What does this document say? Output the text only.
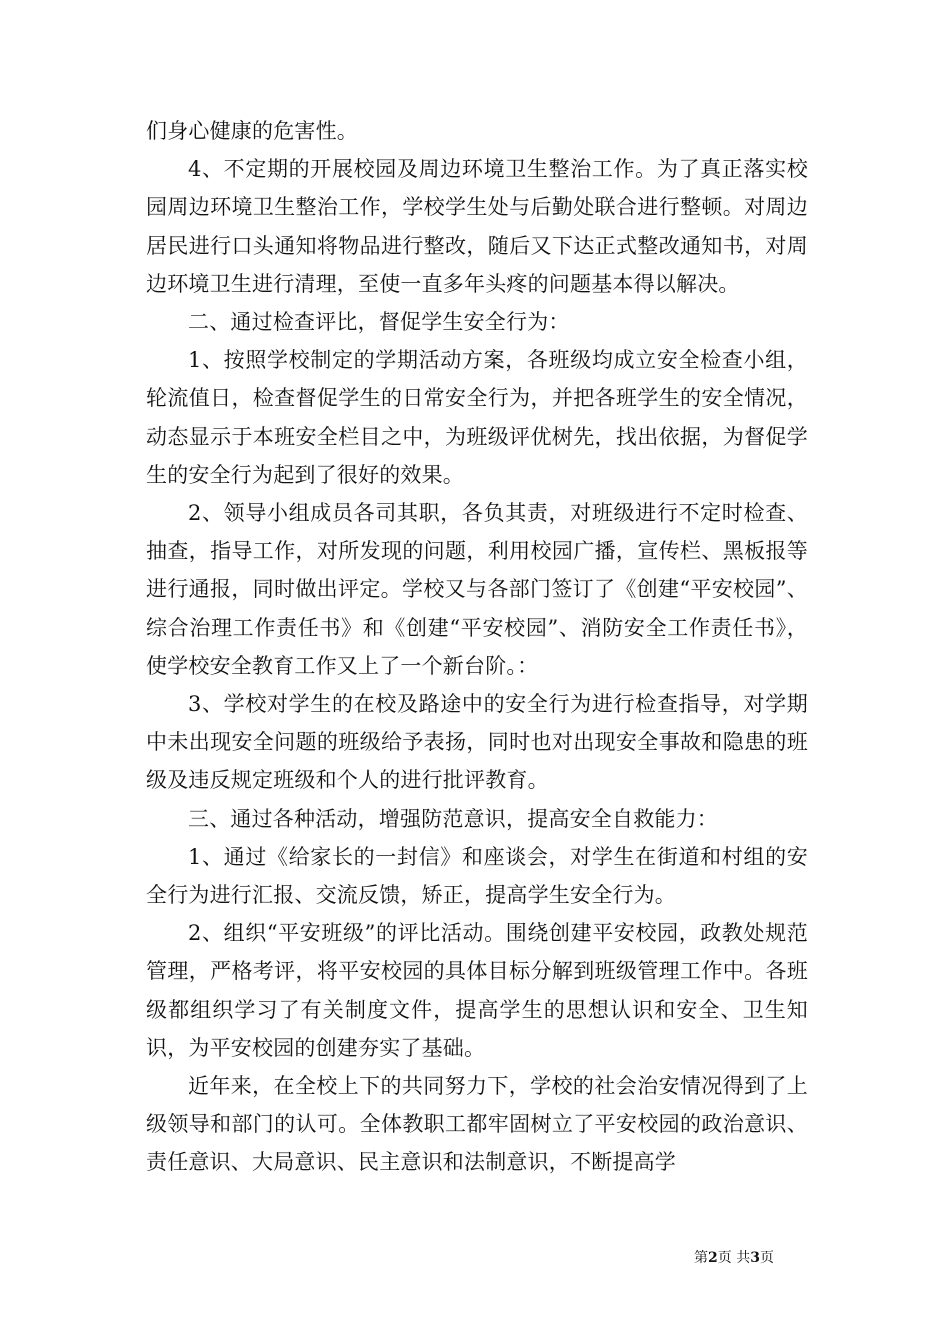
们身心健康的危害性。

4、不定期的开展校园及周边环境卫生整治工作。为了真正落实校园周边环境卫生整治工作，学校学生处与后勤处联合进行整顿。对周边居民进行口头通知将物品进行整改，随后又下达正式整改通知书，对周边环境卫生进行清理，至使一直多年头疼的问题基本得以解决。

二、通过检查评比，督促学生安全行为：

1、按照学校制定的学期活动方案，各班级均成立安全检查小组，轮流值日，检查督促学生的日常安全行为，并把各班学生的安全情况，动态显示于本班安全栏目之中，为班级评优树先，找出依据，为督促学生的安全行为起到了很好的效果。

2、领导小组成员各司其职，各负其责，对班级进行不定时检查、抽查，指导工作，对所发现的问题，利用校园广播，宣传栏、黑板报等进行通报，同时做出评定。学校又与各部门签订了《创建“平安校园”、综合治理工作责任书》和《创建“平安校园”、消防安全工作责任书》，使学校安全教育工作又上了一个新台阶。：

3、学校对学生的在校及路途中的安全行为进行检查指导，对学期中未出现安全问题的班级给予表扬，同时也对出现安全事故和隐患的班级及违反规定班级和个人的进行批评教育。

三、通过各种活动，增强防范意识，提高安全自救能力：

1、通过《给家长的一封信》和座谈会，对学生在街道和村组的安全行为进行汇报、交流反馈，矫正，提高学生安全行为。

2、组织“平安班级”的评比活动。围绕创建平安校园，政教处规范管理，严格考评，将平安校园的具体目标分解到班级管理工作中。各班级都组织学习了有关制度文件，提高学生的思想认识和安全、卫生知识，为平安校园的创建夯实了基础。

近年来，在全校上下的共同努力下，学校的社会治安情况得到了上级领导和部门的认可。全体教职工都牢固树立了平安校园的政治意识、责任意识、大局意识、民主意识和法制意识，不断提高学

第2页 共3页
